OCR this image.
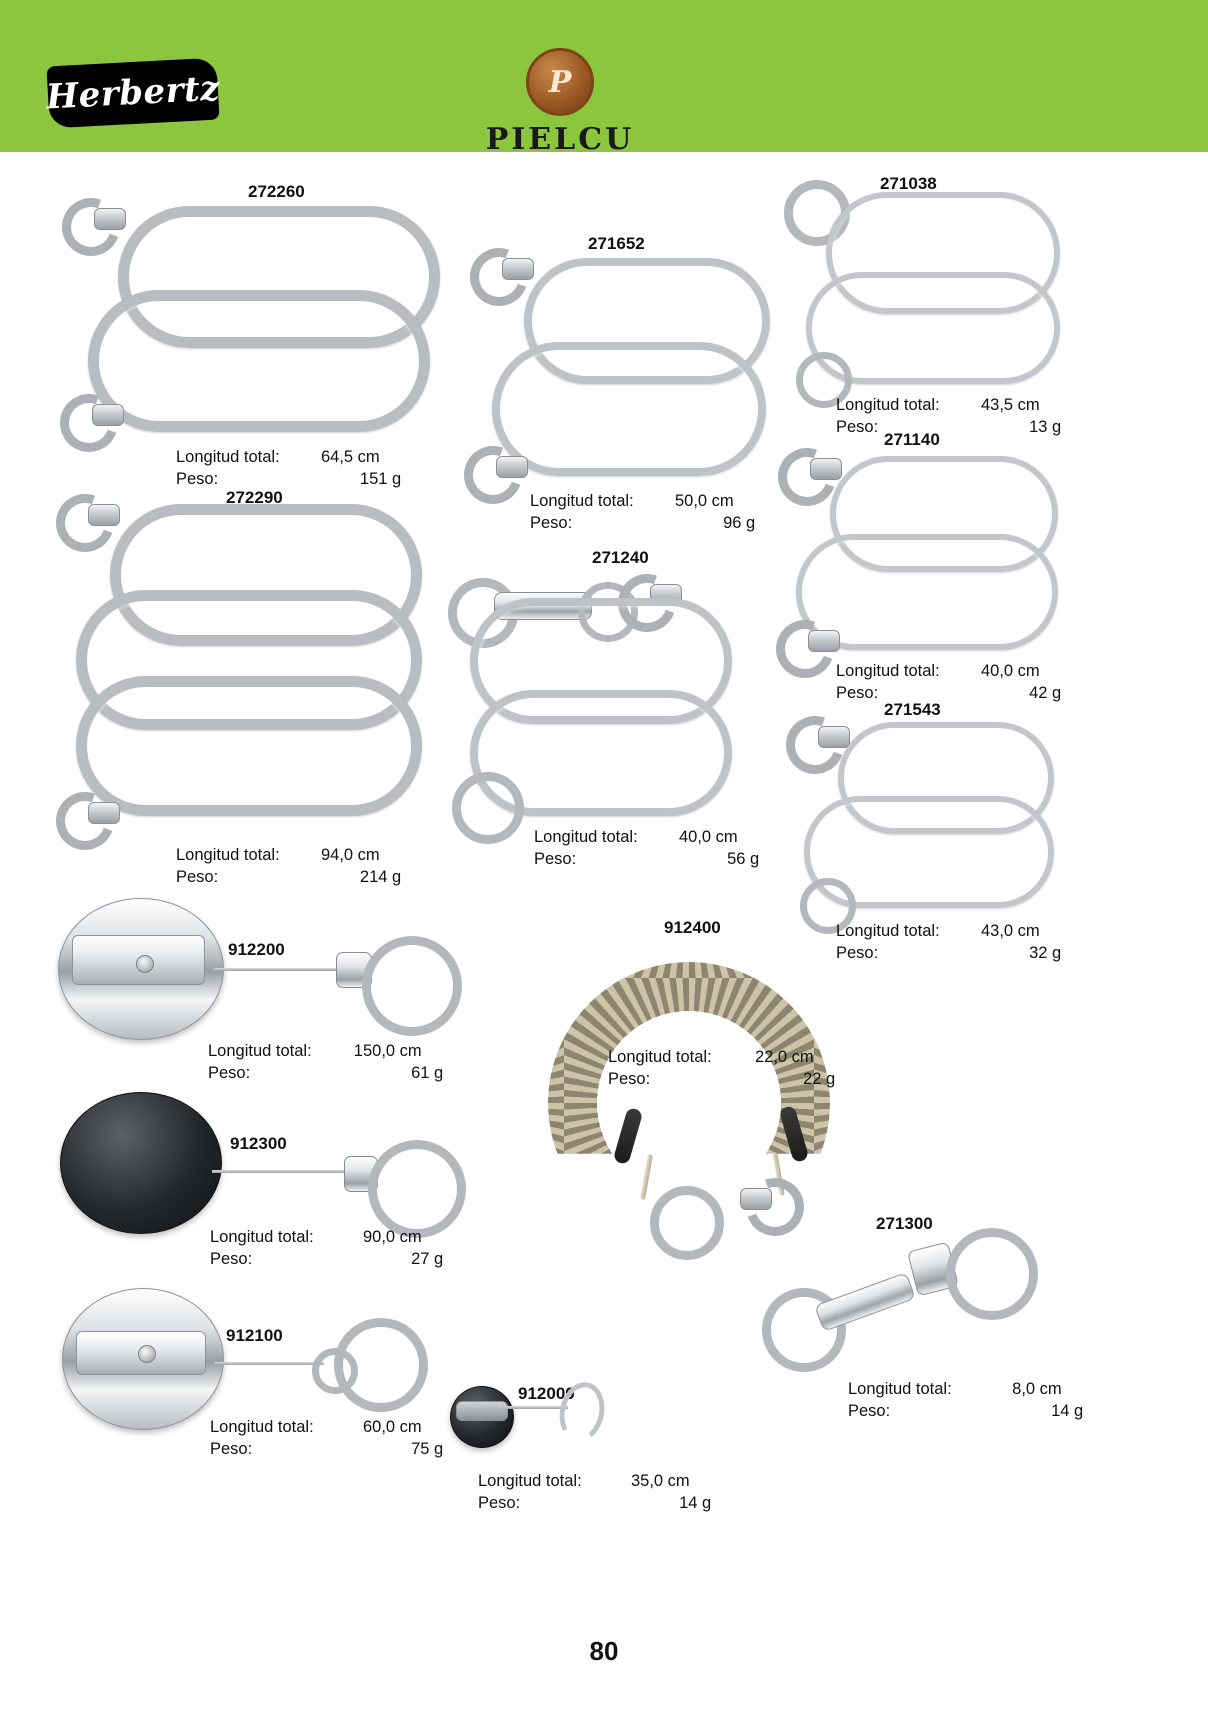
Herbertz	P
PIELCU
272260
Longitud total:	64,5 cm
Peso:	151 g
271652
Longitud total:	50,0 cm
Peso:	96 g
271038
Longitud total:	43,5 cm
Peso:	13 g
272290
Longitud total:	94,0 cm
Peso:	214 g
271140
Longitud total:	40,0 cm
Peso:	42 g
271240
Longitud total:	40,0 cm
Peso:	56 g
271543
Longitud total:	43,0 cm
Peso:	32 g
912200
Longitud total:	150,0 cm
Peso:	61 g
912400
Longitud total:	22,0 cm
Peso:	22 g
912300
Longitud total:	90,0 cm
Peso:	27 g
912100
Longitud total:	60,0 cm
Peso:	75 g
912000
Longitud total:	35,0 cm
Peso:	14 g
271300
Longitud total:	8,0 cm
Peso:	14 g
80
